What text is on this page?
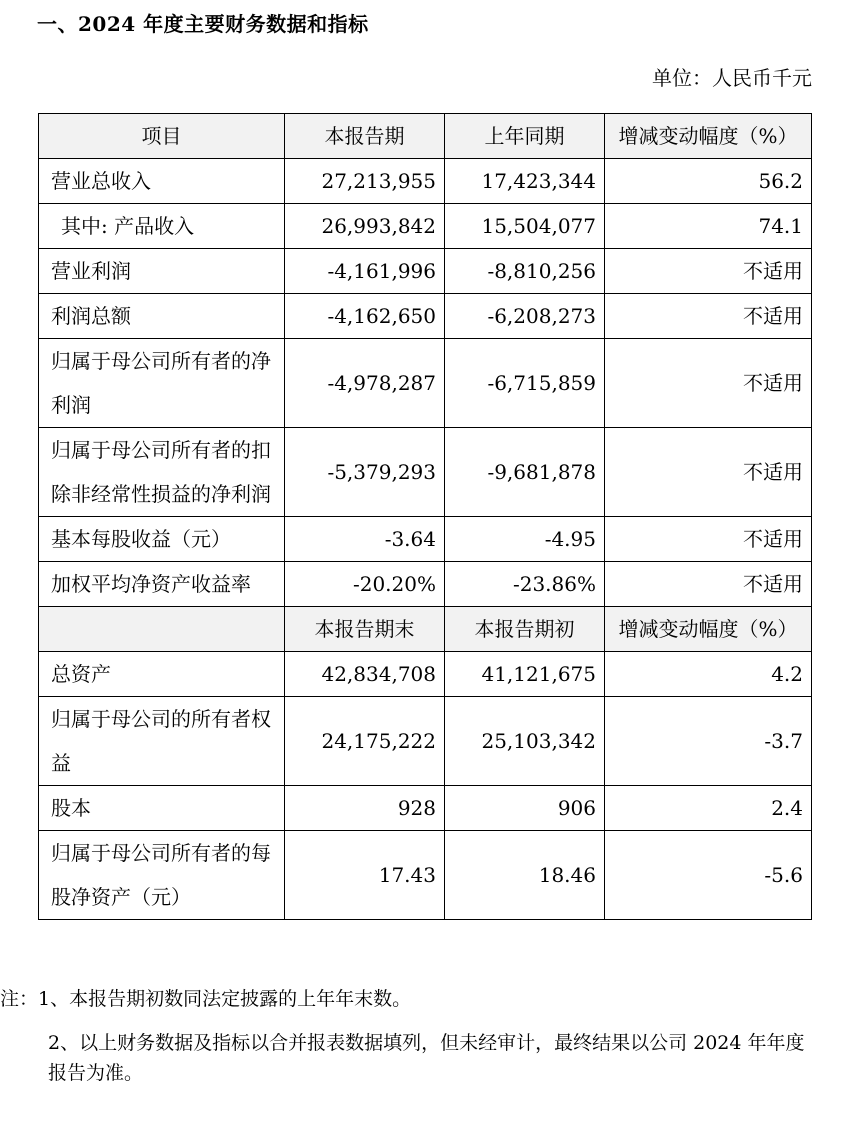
一、2024 年度主要财务数据和指标
单位：人民币千元
项目	本报告期	上年同期	增减变动幅度（%）
营业总收入	27,213,955	17,423,344	56.2
其中: 产品收入	26,993,842	15,504,077	74.1
营业利润	-4,161,996	-8,810,256	不适用
利润总额	-4,162,650	-6,208,273	不适用
归属于母公司所有者的净利润	-4,978,287	-6,715,859	不适用
归属于母公司所有者的扣除非经常性损益的净利润	-5,379,293	-9,681,878	不适用
基本每股收益（元）	-3.64	-4.95	不适用
加权平均净资产收益率	-20.20%	-23.86%	不适用
	本报告期末	本报告期初	增减变动幅度（%）
总资产	42,834,708	41,121,675	4.2
归属于母公司的所有者权益	24,175,222	25,103,342	-3.7
股本	928	906	2.4
归属于母公司所有者的每股净资产（元）	17.43	18.46	-5.6
注：1、本报告期初数同法定披露的上年年末数。
2、以上财务数据及指标以合并报表数据填列，但未经审计，最终结果以公司 2024 年年度报告为准。
